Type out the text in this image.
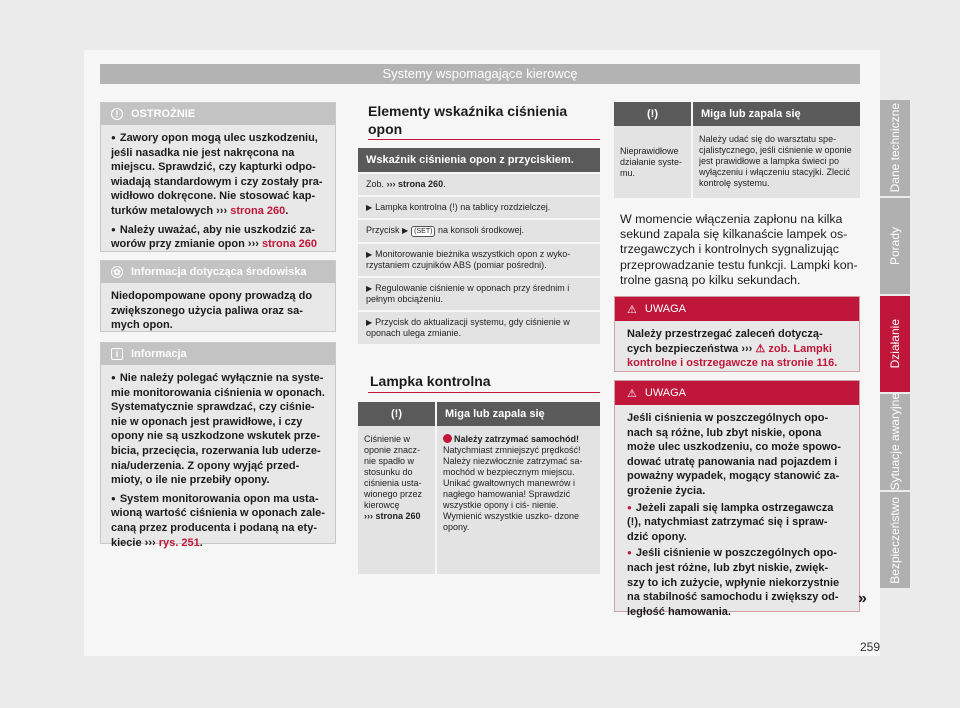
Systemy wspomagające kierowcę
Dane techniczne
Porady
Działanie
Sytuacje awaryjne
Bezpieczeństwo
259
!	OSTROŻNIE

● Zawory opon mogą ulec uszkodzeniu, jeśli nasadka nie jest nakręcona na miejscu. Sprawdzić, czy kapturki odpo- wiadają standardowym i czy zostały pra- widłowo dokręcone. Nie stosować kap- turków metalowych ››› strona 260.

● Należy uważać, aby nie uszkodzić za- worów przy zmianie opon ››› strona 260

✿ Informacja dotycząca środowiska

Niedopompowane opony prowadzą do zwiększonego użycia paliwa oraz sa- mych opon.

i	Informacja

● Nie należy polegać wyłącznie na syste- mie monitorowania ciśnienia w oponach. Systematycznie sprawdzać, czy ciśnie- nie w oponach jest prawidłowe, i czy opony nie są uszkodzone wskutek prze- bicia, przecięcia, rozerwania lub uderze- nia/uderzenia. Z opony wyjąć przed- mioty, o ile nie przebiły opony.

● System monitorowania opon ma usta- wioną wartość ciśnienia w oponach zale- caną przez producenta i podaną na ety- kiecie ››› rys. 251.

Elementy wskaźnika ciśnienia opon
Wskaźnik ciśnienia opon z przyciskiem.
Zob. ››› strona 260.
▶ Lampka kontrolna (!) na tablicy rozdzielczej.
Przycisk ▶ (SET) na konsoli środkowej.
▶ Monitorowanie bieżnika wszystkich opon z wyko- rzystaniem czujników ABS (pomiar pośredni).
▶ Regulowanie ciśnienie w oponach przy średnim i pełnym obciążeniu.
▶ Przycisk do aktualizacji systemu, gdy ciśnienie w oponach ulega zmianie.
Lampka kontrolna
(!)	Miga lub zapala się
Ciśnienie w oponie znacz- nie spadło w stosunku do ciśnienia usta- wionego przez kierowcę
››› strona 260	Należy zatrzymać samochód!
Natychmiast zmniejszyć prędkość! Należy niezwłocznie zatrzymać sa- mochód w bezpiecznym miejscu. Unikać gwałtownych manewrów i nagłego hamowania! Sprawdzić wszystkie opony i ciś- nienie. Wymienić wszystkie uszko- dzone opony.
(!)	Miga lub zapala się
Nieprawidłowe działanie syste- mu.	Należy udać się do warsztatu spe- cjalistycznego, jeśli ciśnienie w oponie jest prawidłowe a lampka świeci po wyłączeniu i włączeniu stacyjki. Zlecić kontrolę systemu.
W momencie włączenia zapłonu na kilka sekund zapala się kilkanaście lampek os- trzegawczych i kontrolnych sygnalizując przeprowadzanie testu funkcji. Lampki kon- trolne gasną po kilku sekundach.
⚠ UWAGA

Należy przestrzegać zaleceń dotyczą- cych bezpieczeństwa ››› ⚠ zob. Lampki kontrolne i ostrzegawcze na stronie 116.

⚠ UWAGA

Jeśli ciśnienia w poszczególnych opo- nach są różne, lub zbyt niskie, opona może ulec uszkodzeniu, co może spowo- dować utratę panowania nad pojazdem i poważny wypadek, mogący stanowić za- grożenie życia.

● Jeżeli zapali się lampka ostrzegawcza (!), natychmiast zatrzymać się i spraw- dzić opony.

● Jeśli ciśnienie w poszczególnych opo- nach jest różne, lub zbyt niskie, zwięk- szy to ich zużycie, wpłynie niekorzystnie na stabilność samochodu i zwiększy od- ległość hamowania.

»
